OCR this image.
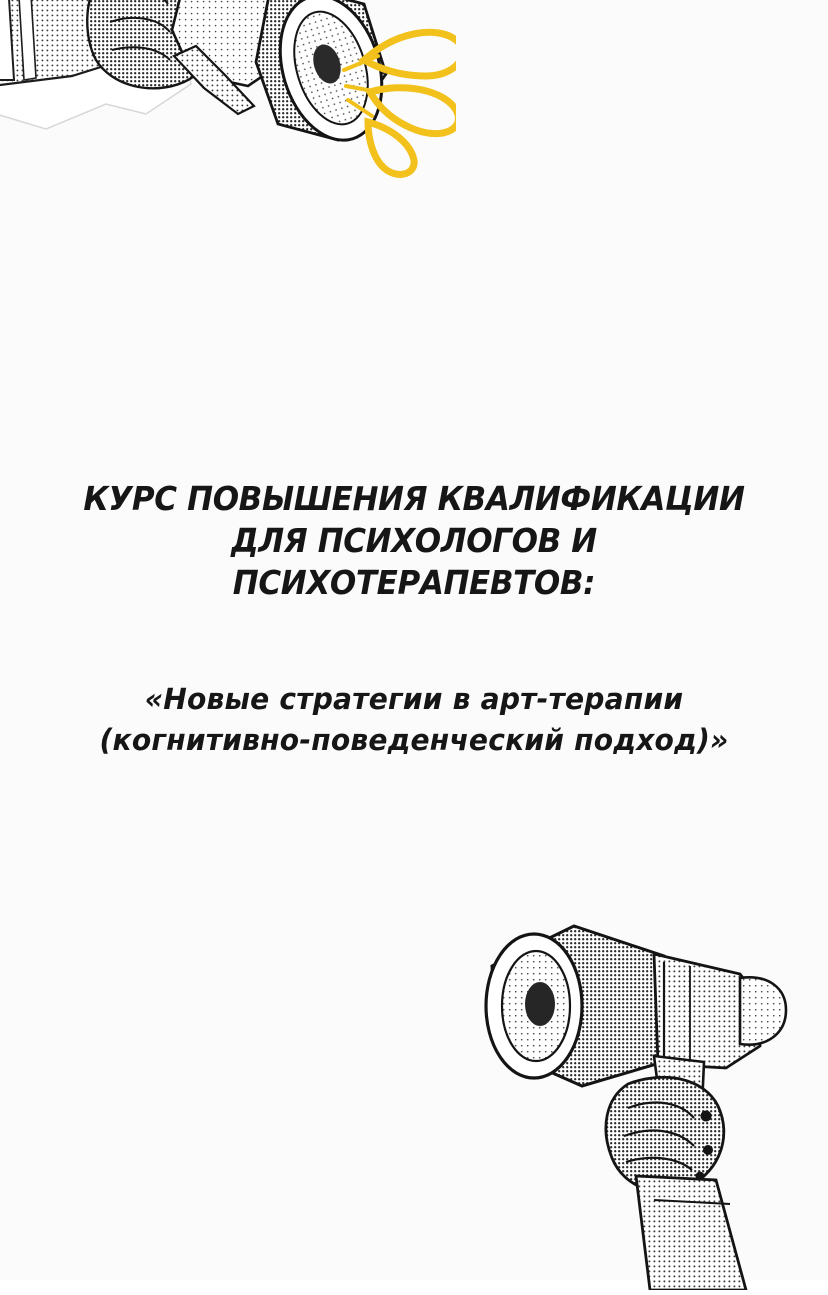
КУРС ПОВЫШЕНИЯ КВАЛИФИКАЦИИ ДЛЯ ПСИХОЛОГОВ И ПСИХОТЕРАПЕВТОВ:
«Новые стратегии в арт-терапии
(когнитивно-поведенческий подход)»
